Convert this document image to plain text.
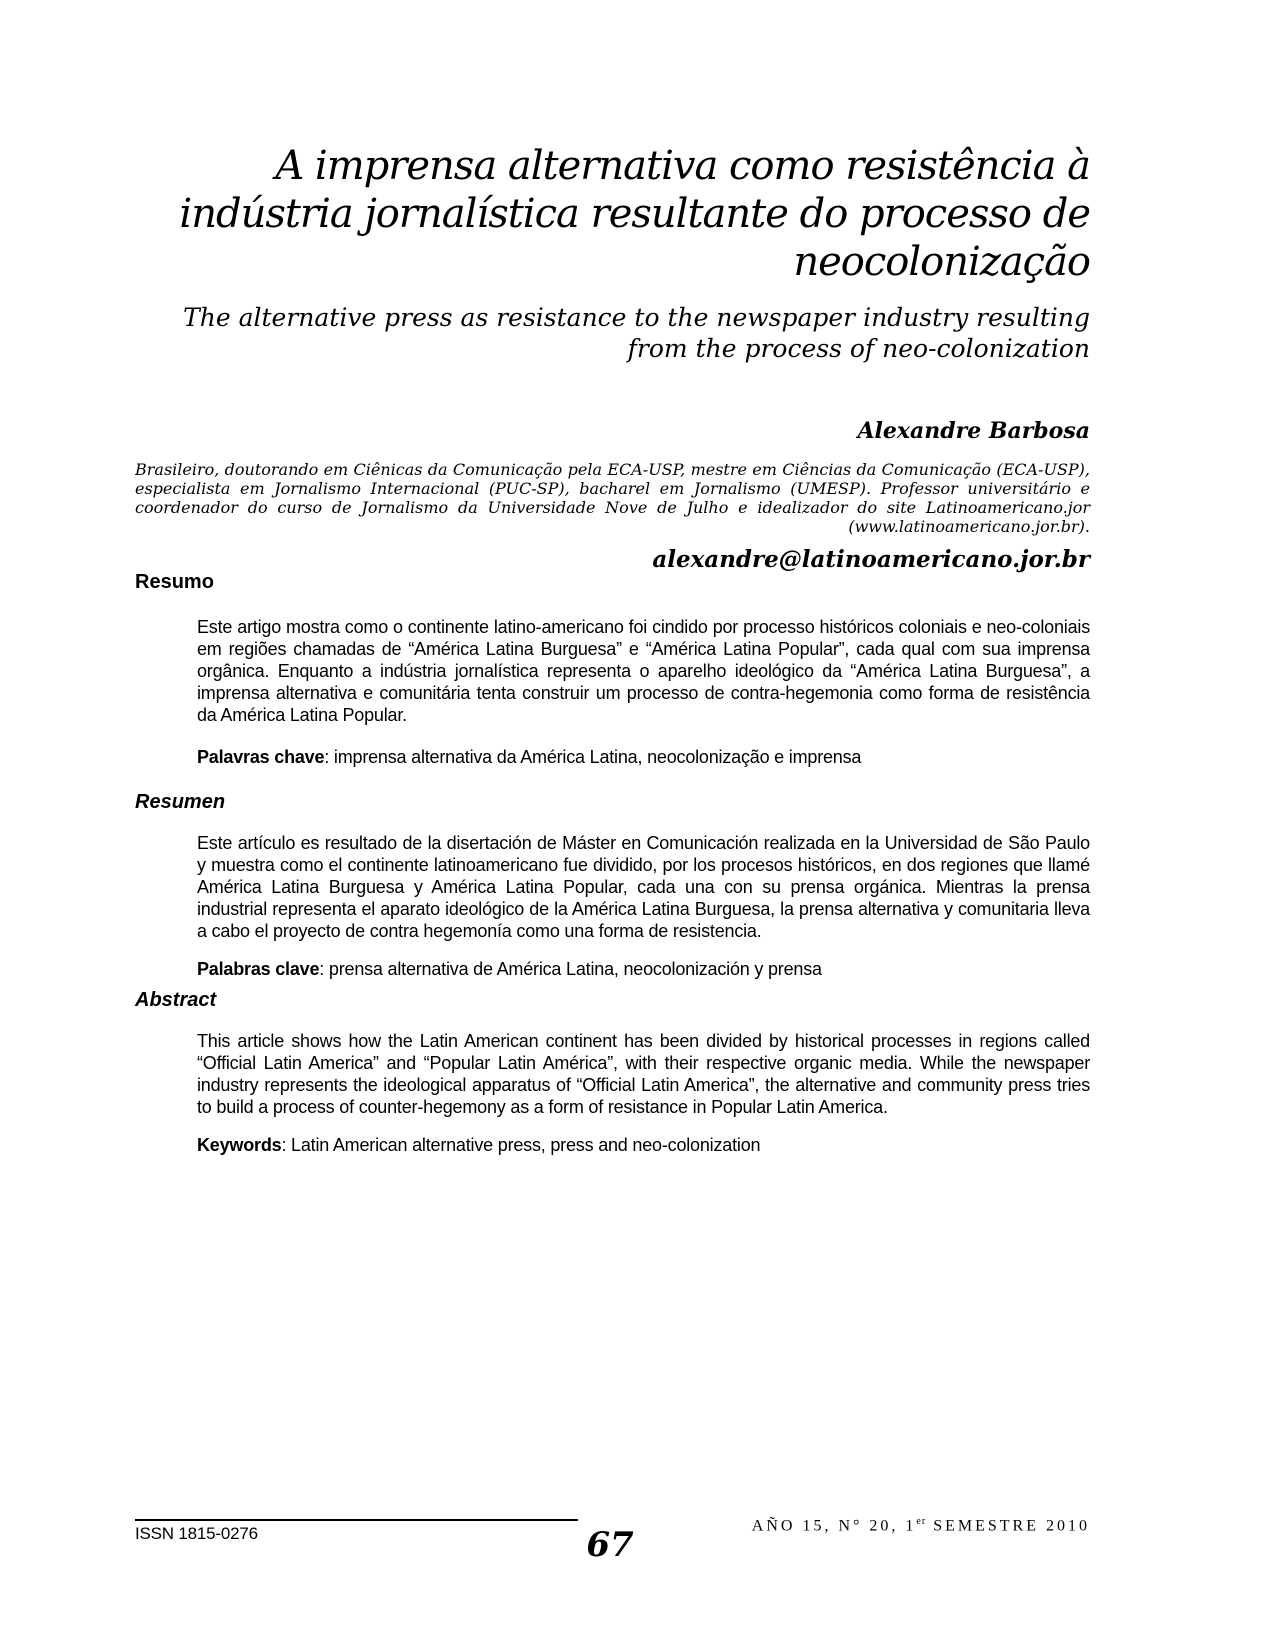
A imprensa alternativa como resistência à
indústria jornalística resultante do processo de
neocolonização
The alternative press as resistance to the newspaper industry resulting
from the process of neo-colonization
Alexandre Barbosa
Brasileiro, doutorando em Ciênicas da Comunicação pela ECA-USP, mestre em Ciências da Comunicação (ECA-USP), especialista em Jornalismo Internacional (PUC-SP), bacharel em Jornalismo (UMESP). Professor universitário e coordenador do curso de Jornalismo da Universidade Nove de Julho e idealizador do site Latinoamericano.jor (www.latinoamericano.jor.br).
alexandre@latinoamericano.jor.br
Resumo

Este artigo mostra como o continente latino-americano foi cindido por processo históricos coloniais e neo-coloniais em regiões chamadas de “América Latina Burguesa” e “América Latina Popular”, cada qual com sua imprensa orgânica. Enquanto a indústria jornalística representa o aparelho ideológico da “América Latina Burguesa”, a imprensa alternativa e comunitária tenta construir um processo de contra-hegemonia como forma de resistência da América Latina Popular.

Palavras chave: imprensa alternativa da América Latina, neocolonização e imprensa

Resumen

Este artículo es resultado de la disertación de Máster en Comunicación realizada en la Universidad de São Paulo y muestra como el continente latinoamericano fue dividido, por los procesos históricos, en dos regiones que llamé América Latina Burguesa y América Latina Popular, cada una con su prensa orgánica. Mientras la prensa industrial representa el aparato ideológico de la América Latina Burguesa, la prensa alternativa y comunitaria lleva a cabo el proyecto de contra hegemonía como una forma de resistencia.

Palabras clave: prensa alternativa de América Latina, neocolonización y prensa

Abstract

This article shows how the Latin American continent has been divided by historical processes in regions called “Official Latin America” and “Popular Latin América”, with their respective organic media. While the newspaper industry represents the ideological apparatus of “Official Latin America”, the alternative and community press tries to build a process of counter-hegemony as a form of resistance in Popular Latin America.

Keywords: Latin American alternative press, press and neo-colonization

ISSN 1815-0276	67	AÑO 15, N° 20, 1er SEMESTRE 2010
